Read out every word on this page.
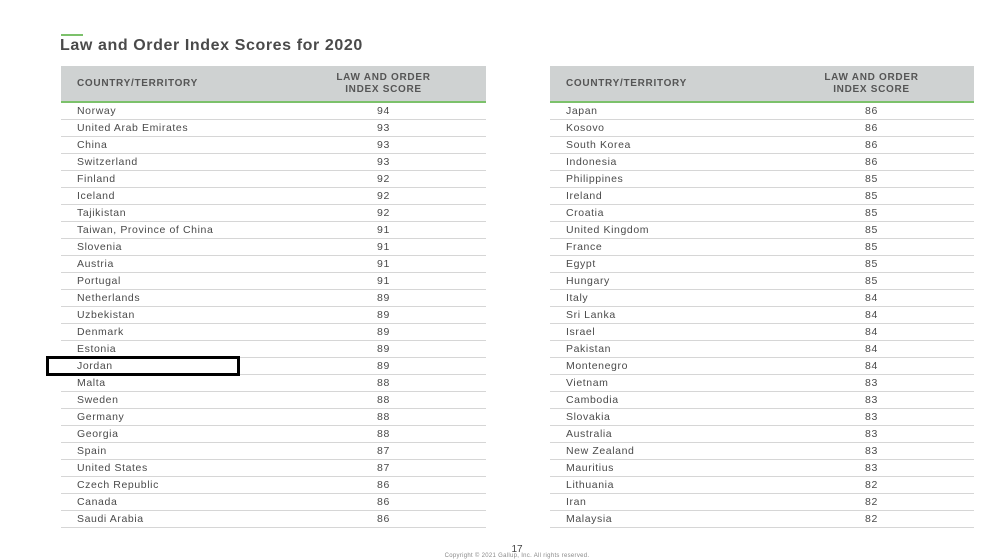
Law and Order Index Scores for 2020
COUNTRY/TERRITORY	LAW AND ORDER
INDEX SCORE
Norway	94
United Arab Emirates	93
China	93
Switzerland	93
Finland	92
Iceland	92
Tajikistan	92
Taiwan, Province of China	91
Slovenia	91
Austria	91
Portugal	91
Netherlands	89
Uzbekistan	89
Denmark	89
Estonia	89
Jordan	89
Malta	88
Sweden	88
Germany	88
Georgia	88
Spain	87
United States	87
Czech Republic	86
Canada	86
Saudi Arabia	86
COUNTRY/TERRITORY	LAW AND ORDER
INDEX SCORE
Japan	86
Kosovo	86
South Korea	86
Indonesia	86
Philippines	85
Ireland	85
Croatia	85
United Kingdom	85
France	85
Egypt	85
Hungary	85
Italy	84
Sri Lanka	84
Israel	84
Pakistan	84
Montenegro	84
Vietnam	83
Cambodia	83
Slovakia	83
Australia	83
New Zealand	83
Mauritius	83
Lithuania	82
Iran	82
Malaysia	82
17
Copyright © 2021 Gallup, Inc. All rights reserved.
